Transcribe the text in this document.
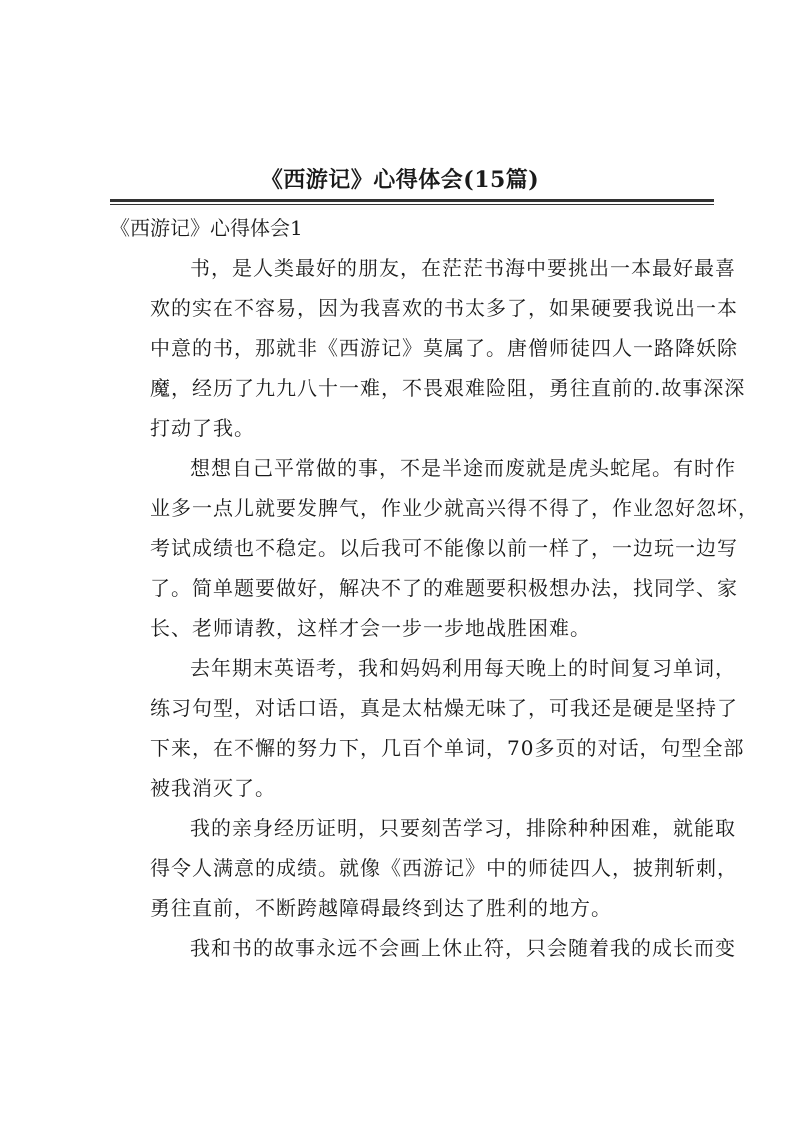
《西游记》心得体会(15篇)
《西游记》心得体会1
书，是人类最好的朋友，在茫茫书海中要挑出一本最好最喜
欢的实在不容易，因为我喜欢的书太多了，如果硬要我说出一本
中意的书，那就非《西游记》莫属了。唐僧师徒四人一路降妖除
魔，经历了九九八十一难，不畏艰难险阻，勇往直前的.故事深深
打动了我。
想想自己平常做的事，不是半途而废就是虎头蛇尾。有时作
业多一点儿就要发脾气，作业少就高兴得不得了，作业忽好忽坏，
考试成绩也不稳定。以后我可不能像以前一样了，一边玩一边写
了。简单题要做好，解决不了的难题要积极想办法，找同学、家
长、老师请教，这样才会一步一步地战胜困难。
去年期末英语考，我和妈妈利用每天晚上的时间复习单词，
练习句型，对话口语，真是太枯燥无味了，可我还是硬是坚持了
下来，在不懈的努力下，几百个单词，70多页的对话，句型全部
被我消灭了。
我的亲身经历证明，只要刻苦学习，排除种种困难，就能取
得令人满意的成绩。就像《西游记》中的师徒四人，披荆斩刺，
勇往直前，不断跨越障碍最终到达了胜利的地方。
我和书的故事永远不会画上休止符，只会随着我的成长而变
